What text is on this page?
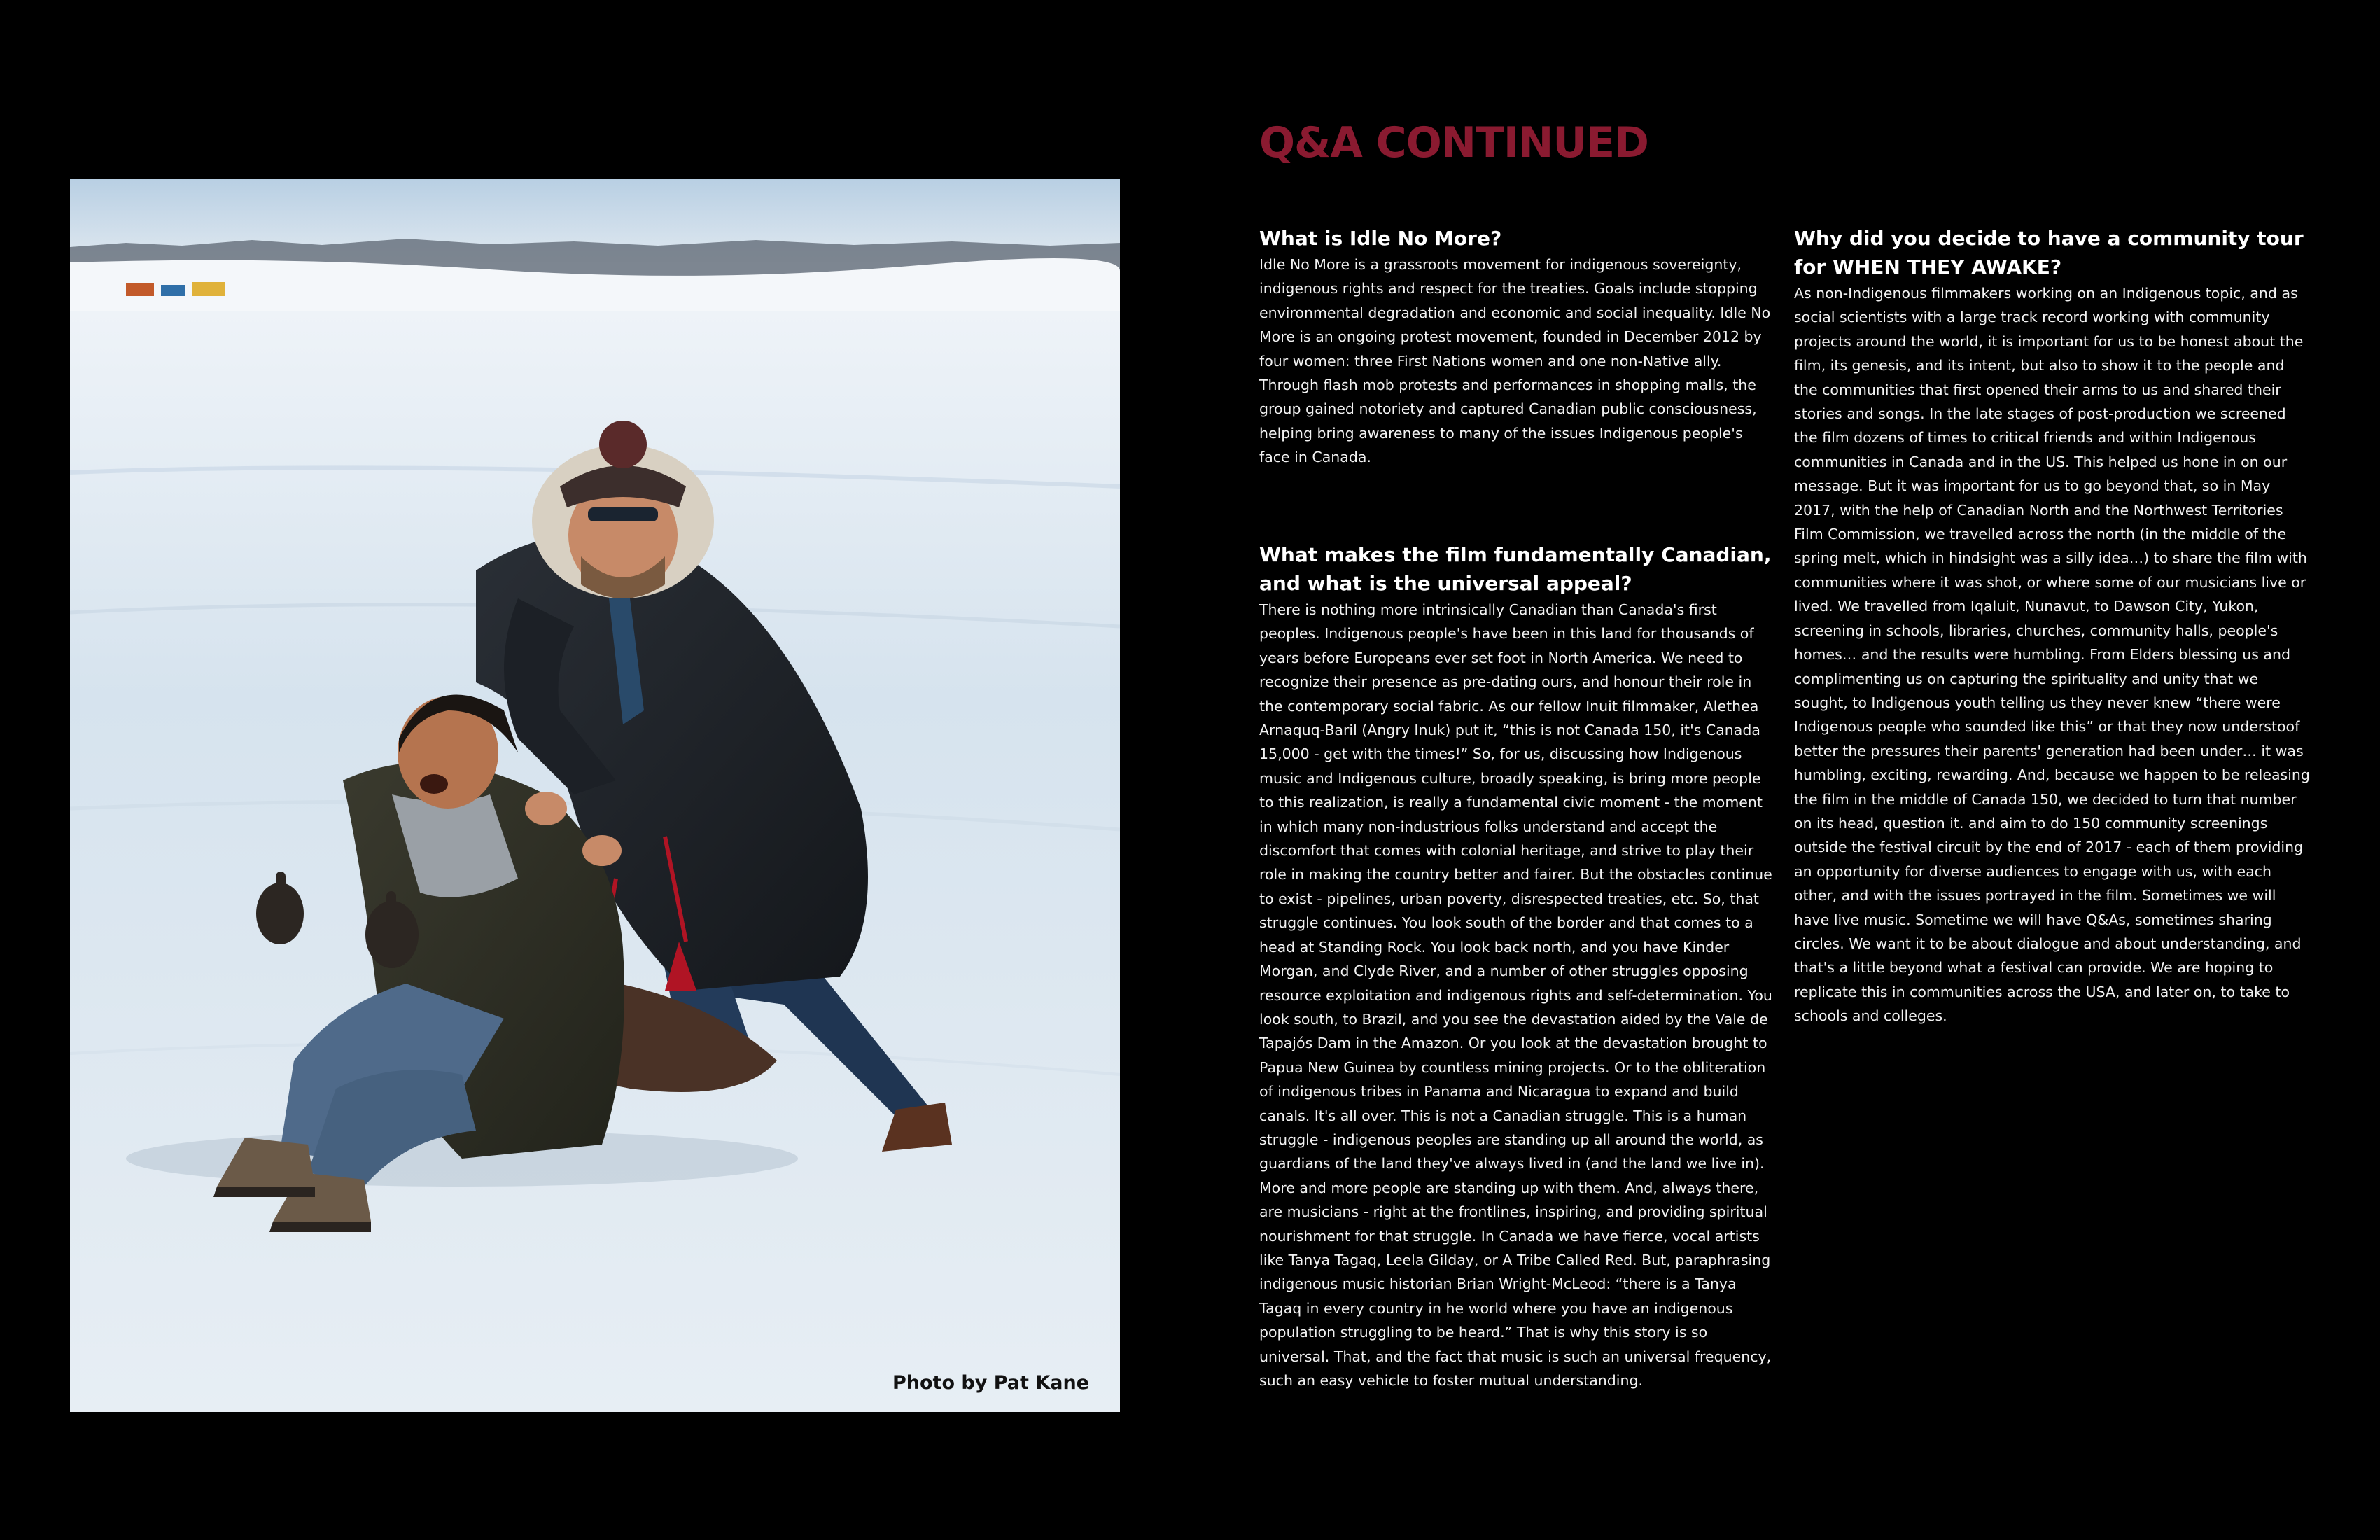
Photo by Pat Kane
Q&A CONTINUED
What is Idle No More?

Idle No More is a grassroots movement for indigenous sovereignty, indigenous rights and respect for the treaties. Goals include stopping environmental degradation and economic and social inequality. Idle No More is an ongoing protest movement, founded in December 2012 by four women: three First Nations women and one non-Native ally. Through flash mob protests and performances in shopping malls, the group gained notoriety and captured Canadian public consciousness, helping bring awareness to many of the issues Indigenous people's face in Canada.

What makes the film fundamentally Canadian, and what is the universal appeal?

There is nothing more intrinsically Canadian than Canada's first peoples. Indigenous people's have been in this land for thousands of years before Europeans ever set foot in North America. We need to recognize their presence as pre-dating ours, and honour their role in the contemporary social fabric. As our fellow Inuit filmmaker, Alethea Arnaquq-Baril (Angry Inuk) put it, “this is not Canada 150, it's Canada 15,000 - get with the times!” So, for us, discussing how Indigenous music and Indigenous culture, broadly speaking, is bring more people to this realization, is really a fundamental civic moment - the moment in which many non-industrious folks understand and accept the discomfort that comes with colonial heritage, and strive to play their role in making the country better and fairer. But the obstacles continue to exist - pipelines, urban poverty, disrespected treaties, etc. So, that struggle continues. You look south of the border and that comes to a head at Standing Rock. You look back north, and you have Kinder Morgan, and Clyde River, and a number of other struggles opposing resource exploitation and indigenous rights and self-determination. You look south, to Brazil, and you see the devastation aided by the Vale de Tapajós Dam in the Amazon. Or you look at the devastation brought to Papua New Guinea by countless mining projects. Or to the obliteration of indigenous tribes in Panama and Nicaragua to expand and build canals. It's all over. This is not a Canadian struggle. This is a human struggle - indigenous peoples are standing up all around the world, as guardians of the land they've always lived in (and the land we live in). More and more people are standing up with them. And, always there, are musicians - right at the frontlines, inspiring, and providing spiritual nourishment for that struggle. In Canada we have fierce, vocal artists like Tanya Tagaq, Leela Gilday, or A Tribe Called Red. But, paraphrasing indigenous music historian Brian Wright-McLeod: “there is a Tanya Tagaq in every country in he world where you have an indigenous population struggling to be heard.” That is why this story is so universal. That, and the fact that music is such an universal frequency, such an easy vehicle to foster mutual understanding.

Why did you decide to have a community tour for WHEN THEY AWAKE?

As non-Indigenous filmmakers working on an Indigenous topic, and as social scientists with a large track record working with community projects around the world, it is important for us to be honest about the film, its genesis, and its intent, but also to show it to the people and the communities that first opened their arms to us and shared their stories and songs. In the late stages of post-production we screened the film dozens of times to critical friends and within Indigenous communities in Canada and in the US. This helped us hone in on our message. But it was important for us to go beyond that, so in May 2017, with the help of Canadian North and the Northwest Territories Film Commission, we travelled across the north (in the middle of the spring melt, which in hindsight was a silly idea…) to share the film with communities where it was shot, or where some of our musicians live or lived. We travelled from Iqaluit, Nunavut, to Dawson City, Yukon, screening in schools, libraries, churches, community halls, people's homes… and the results were humbling. From Elders blessing us and complimenting us on capturing the spirituality and unity that we sought, to Indigenous youth telling us they never knew “there were Indigenous people who sounded like this” or that they now understoof better the pressures their parents' generation had been under… it was humbling, exciting, rewarding. And, because we happen to be releasing the film in the middle of Canada 150, we decided to turn that number on its head, question it. and aim to do 150 community screenings outside the festival circuit by the end of 2017 - each of them providing an opportunity for diverse audiences to engage with us, with each other, and with the issues portrayed in the film. Sometimes we will have live music. Sometime we will have Q&As, sometimes sharing circles. We want it to be about dialogue and about understanding, and that's a little beyond what a festival can provide. We are hoping to replicate this in communities across the USA, and later on, to take to schools and colleges.
